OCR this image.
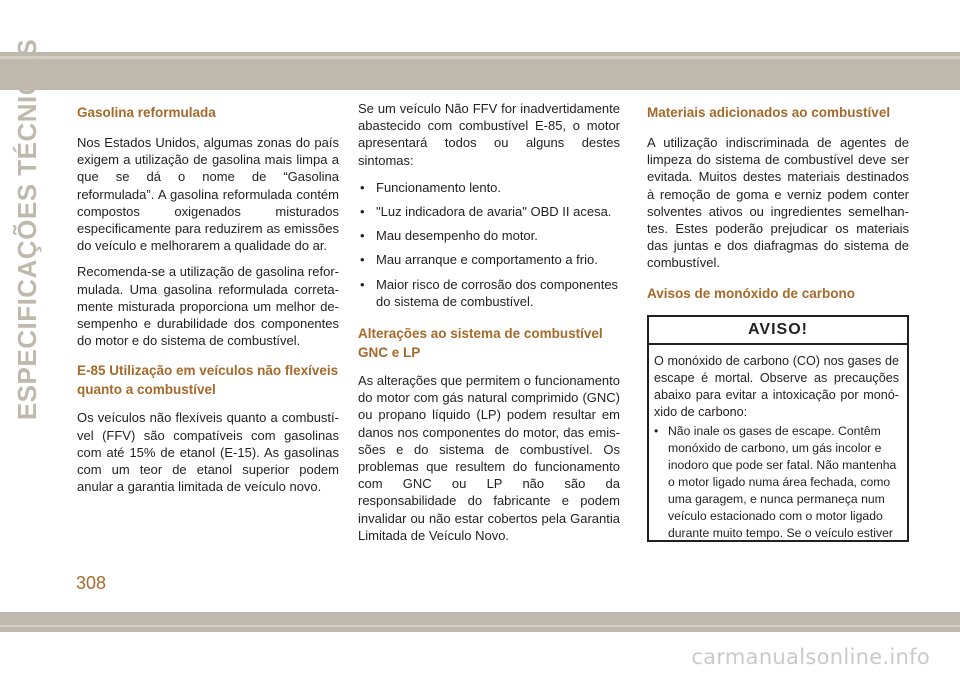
ESPECIFICAÇÕES TÉCNICAS	Gasolina reformulada

Nos Estados Unidos, algumas zonas do país exigem a utilização de gasolina mais limpa a que se dá o nome de “Gasolina reformulada”. A gasolina reformulada contém compostos oxigenados misturados especificamente para reduzirem as emissões do veículo e melhorarem a qualidade do ar.

Recomenda-se a utilização de gasolina reformulada. Uma gasolina reformulada corretamente misturada proporciona um melhor desempenho e durabilidade dos componentes do motor e do sistema de combustível.

E-85 Utilização em veículos não flexíveis quanto a combustível

Os veículos não flexíveis quanto a combustível (FFV) são compatíveis com gasolinas com até 15% de etanol (E-15). As gasolinas com um teor de etanol superior podem anular a garantia limitada de veículo novo.

Se um veículo Não FFV for inadvertidamente abastecido com combustível E-85, o motor apresentará todos ou alguns destes sintomas:

• Funcionamento lento.
• "Luz indicadora de avaria" OBD II acesa.
• Mau desempenho do motor.
• Mau arranque e comportamento a frio.
• Maior risco de corrosão dos componentes do sistema de combustível.
Alterações ao sistema de combustível GNC e LP

As alterações que permitem o funcionamento do motor com gás natural comprimido (GNC) ou propano líquido (LP) podem resultar em danos nos componentes do motor, das emissões e do sistema de combustível. Os problemas que resultem do funcionamento com GNC ou LP não são da responsabilidade do fabricante e podem invalidar ou não estar cobertos pela Garantia Limitada de Veículo Novo.

Materiais adicionados ao combustível

A utilização indiscriminada de agentes de limpeza do sistema de combustível deve ser evitada. Muitos destes materiais destinados à remoção de goma e verniz podem conter solventes ativos ou ingredientes semelhantes. Estes poderão prejudicar os materiais das juntas e dos diafragmas do sistema de combustível.

Avisos de monóxido de carbono
AVISO!

O monóxido de carbono (CO) nos gases de escape é mortal. Observe as precauções abaixo para evitar a intoxicação por monóxido de carbono:

• Não inale os gases de escape. Contêm monóxido de carbono, um gás incolor e inodoro que pode ser fatal. Não mantenha o motor ligado numa área fechada, como uma garagem, e nunca permaneça num veículo estacionado com o motor ligado durante muito tempo. Se o veículo estiver
308
carmanualsonline.info
